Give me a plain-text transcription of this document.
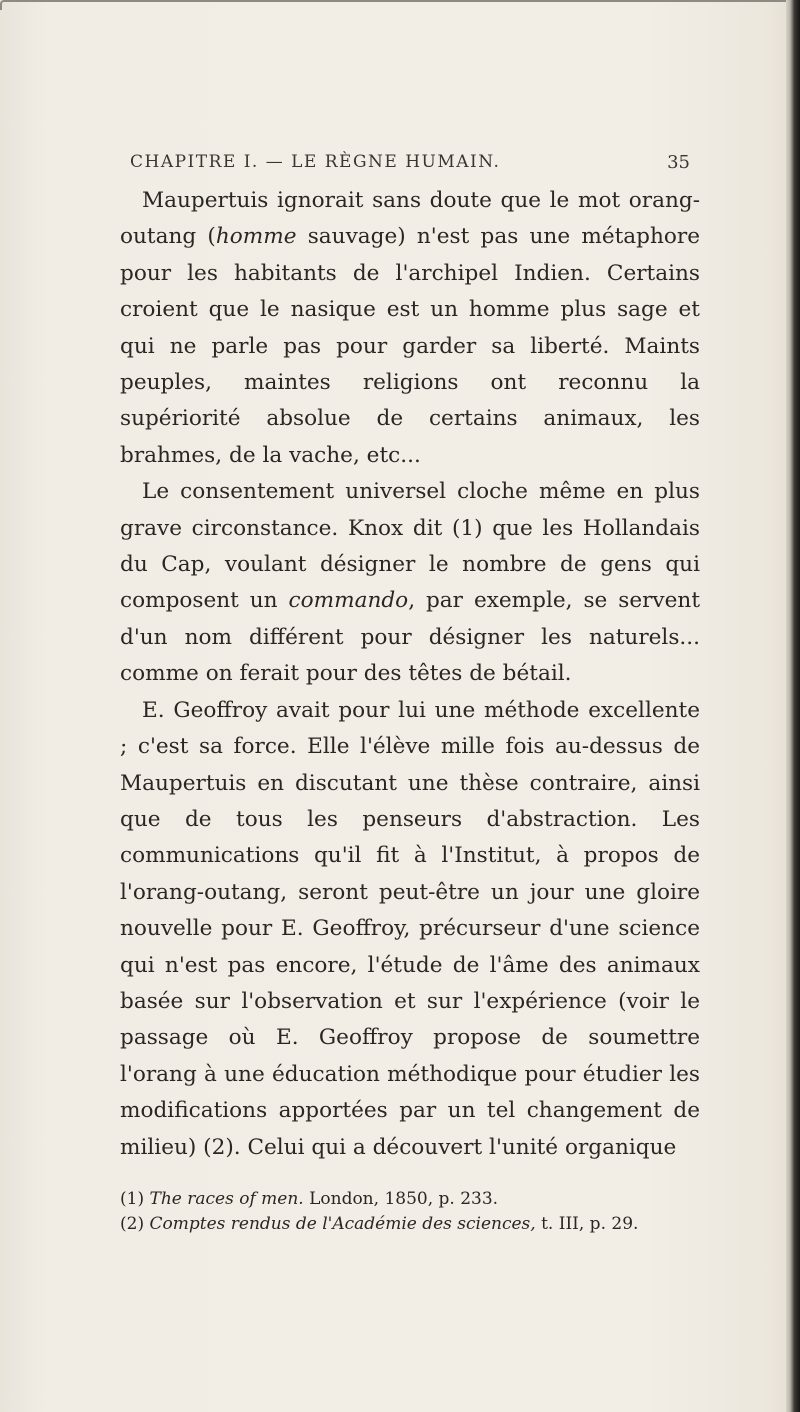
CHAPITRE I. — LE RÈGNE HUMAIN.	35

Maupertuis ignorait sans doute que le mot orang-outang (homme sauvage) n'est pas une métaphore pour les habitants de l'archipel Indien. Certains croient que le nasique est un homme plus sage et qui ne parle pas pour garder sa liberté. Maints peuples, maintes religions ont reconnu la supériorité absolue de certains animaux, les brahmes, de la vache, etc...

Le consentement universel cloche même en plus grave circonstance. Knox dit (1) que les Hollandais du Cap, voulant désigner le nombre de gens qui composent un commando, par exemple, se servent d'un nom différent pour désigner les naturels... comme on ferait pour des têtes de bétail.

E. Geoffroy avait pour lui une méthode excellente ; c'est sa force. Elle l'élève mille fois au-dessus de Maupertuis en discutant une thèse contraire, ainsi que de tous les penseurs d'abstraction. Les communications qu'il fit à l'Institut, à propos de l'orang-outang, seront peut-être un jour une gloire nouvelle pour E. Geoffroy, précurseur d'une science qui n'est pas encore, l'étude de l'âme des animaux basée sur l'observation et sur l'expérience (voir le passage où E. Geoffroy propose de soumettre l'orang à une éducation méthodique pour étudier les modifications apportées par un tel changement de milieu) (2). Celui qui a découvert l'unité organique

(1) The races of men. London, 1850, p. 233.
(2) Comptes rendus de l'Académie des sciences, t. III, p. 29.
